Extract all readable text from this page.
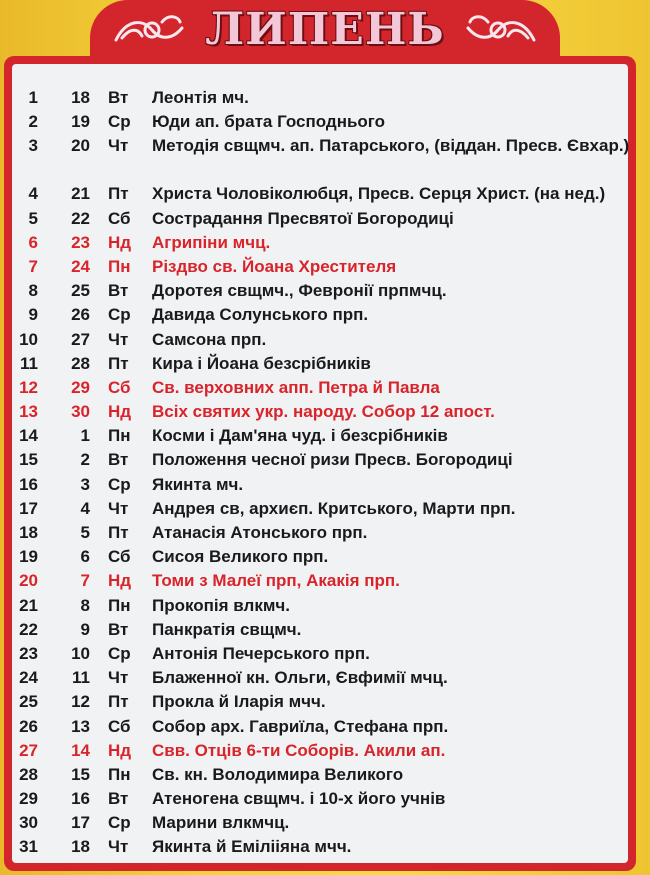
ЛИПЕНЬ
1	18 Вт	Леонтія мч.
2	19 Ср	Юди ап. брата Господнього
3	20 Чт	Методія свщмч. ап. Патарського, (віддан. Пресв. Євхар.)
4	21 Пт	Христа Чоловіколюбця, Пресв. Серця Христ. (на нед.)
5	22 Сб	Сострадання Пресвятої Богородиці
6	23 Нд	Агрипіни мчц.
7	24 Пн	Різдво св. Йоана Хрестителя
8	25 Вт	Доротея свщмч., Февронії прпмчц.
9	26 Ср	Давида Солунського прп.
10	27 Чт	Самсона прп.
11	28 Пт	Кира і Йоана безсрібників
12	29 Сб	Св. верховних апп. Петра й Павла
13	30 Нд	Всіх святих укр. народу. Собор 12 апост.
14	1 Пн	Косми і Дам'яна чуд. і безсрібників
15	2 Вт	Положення чесної ризи Пресв. Богородиці
16	3 Ср	Якинта мч.
17	4 Чт	Андрея св, архиєп. Критського, Марти прп.
18	5 Пт	Атанасія Атонського прп.
19	6 Сб	Сисоя Великого прп.
20	7 Нд	Томи з Малеї прп, Акакія прп.
21	8 Пн	Прокопія влкмч.
22	9 Вт	Панкратія свщмч.
23	10 Ср	Антонія Печерського прп.
24	11 Чт	Блаженної кн. Ольги, Євфимії мчц.
25	12 Пт	Прокла й Іларія мчч.
26	13 Сб	Собор арх. Гавриїла, Стефана прп.
27	14 Нд	Свв. Отців 6-ти Соборів. Акили ап.
28	15 Пн	Св. кн. Володимира Великого
29	16 Вт	Атеногена свщмч. і 10-х його учнів
30	17 Ср	Марини влкмчц.
31	18 Чт	Якинта й Емілііяна мчч.
